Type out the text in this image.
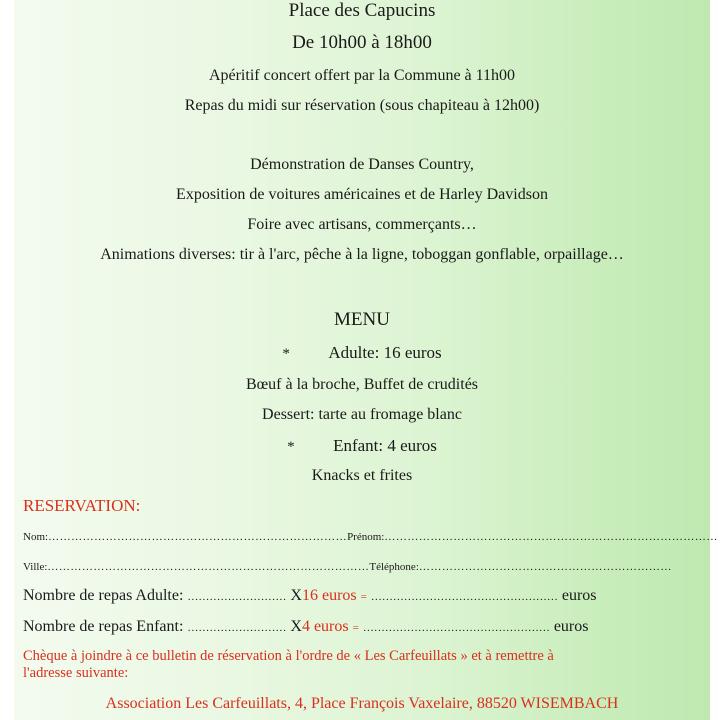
Place des Capucins
De 10h00 à 18h00
Apéritif concert offert par la Commune à 11h00
Repas du midi sur réservation (sous chapiteau à 12h00)
Démonstration de Danses Country,
Exposition de voitures américaines et de Harley Davidson
Foire avec artisans, commerçants…
Animations diverses: tir à l'arc, pêche à la ligne, toboggan gonflable, orpaillage…
MENU
* Adulte: 16 euros
Bœuf à la broche, Buffet de crudités
Dessert: tarte au fromage blanc
* Enfant: 4 euros
Knacks et frites
RESERVATION:
Nom:……………………………………………………………………Prénom:……………………………………………………………………………
Ville:…………………………………………………………………………Téléphone:…………………………………………………………
Nombre de repas Adulte: ……………………… X16 euros = …………………………………………… euros
Nombre de repas Enfant: ……………………… X4 euros = …………………………………………… euros
Chèque à joindre à ce bulletin de réservation à l'ordre de « Les Carfeuillats » et à remettre à
l'adresse suivante:
Association Les Carfeuillats, 4, Place François Vaxelaire, 88520 WISEMBACH
